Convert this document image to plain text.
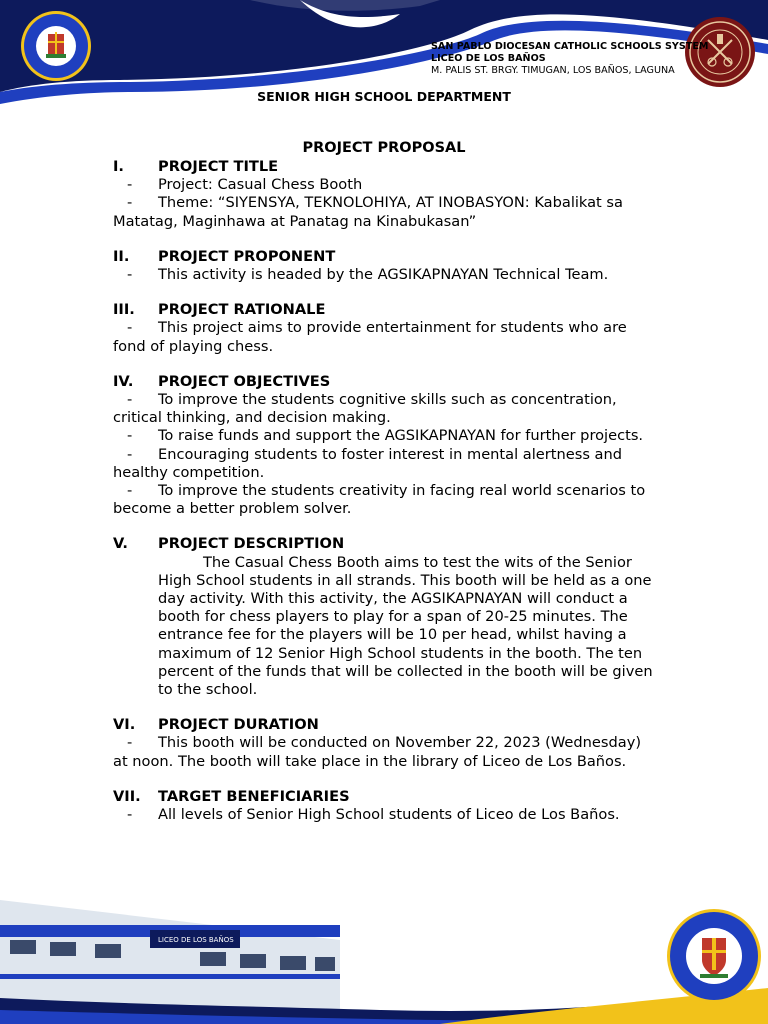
SAN PABLO DIOCESAN CATHOLIC SCHOOLS SYSTEM
LICEO DE LOS BAÑOS
M. PALIS ST. BRGY. TIMUGAN, LOS BAÑOS, LAGUNA
SENIOR HIGH SCHOOL DEPARTMENT
PROJECT PROPOSAL
I.	PROJECT TITLE
-	Project: Casual Chess Booth
-	Theme: “SIYENSYA, TEKNOLOHIYA, AT INOBASYON: Kabalikat sa Matatag, Maginhawa at Panatag na Kinabukasan”
II.	PROJECT PROPONENT
-	This activity is headed by the AGSIKAPNAYAN Technical Team.
III.	PROJECT RATIONALE
-	This project aims to provide entertainment for students who are fond of playing chess.
IV.	PROJECT OBJECTIVES
-	To improve the students cognitive skills such as concentration, critical thinking, and decision making.
-	To raise funds and support the AGSIKAPNAYAN for further projects.
-	Encouraging students to foster interest in mental alertness and healthy competition.
-	To improve the students creativity in facing real world scenarios to become a better problem solver.
V.	PROJECT DESCRIPTION
The Casual Chess Booth aims to test the wits of the Senior High School students in all strands. This booth will be held as a one day activity. With this activity, the AGSIKAPNAYAN will conduct a booth for chess players to play for a span of 20-25 minutes. The entrance fee for the players will be 10 per head, whilst having a maximum of 12 Senior High School students in the booth. The ten percent of the funds that will be collected in the booth will be given to the school.
VI.	PROJECT DURATION
-	This booth will be conducted on November 22, 2023 (Wednesday) at noon. The booth will take place in the library of Liceo de Los Baños.
VII.	TARGET BENEFICIARIES
-	All levels of Senior High School students of Liceo de Los Baños.
LICEO DE LOS BAÑOS
